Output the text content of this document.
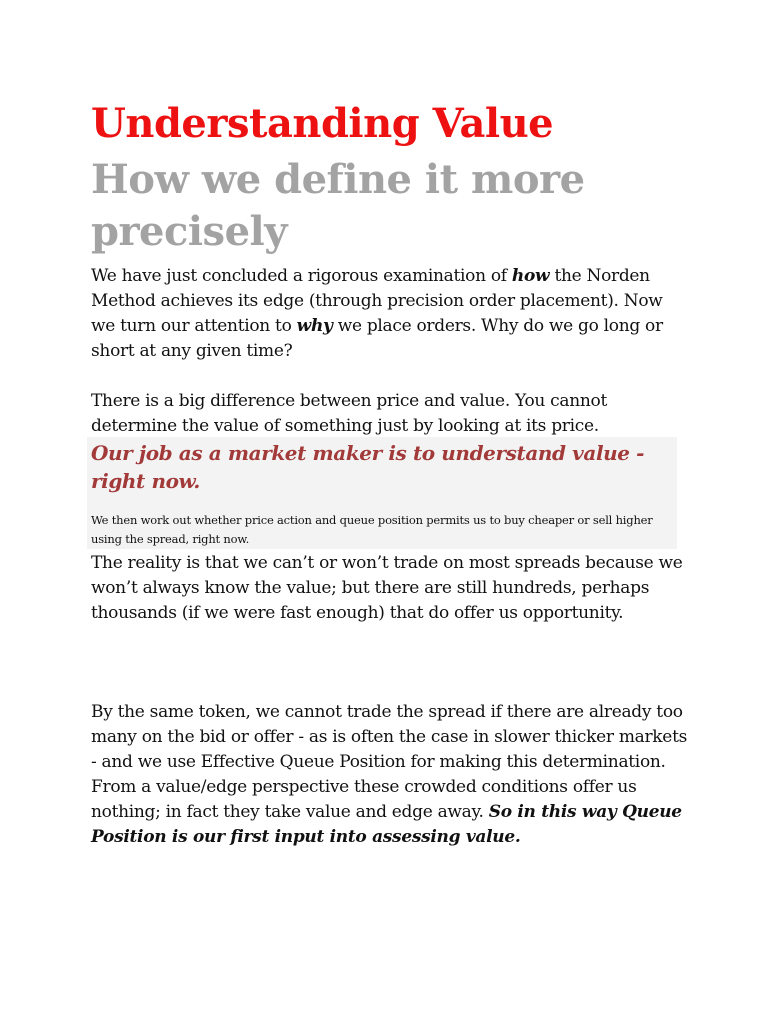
Understanding Value
How we define it more precisely

We have just concluded a rigorous examination of how the Norden Method achieves its edge (through precision order placement). Now we turn our attention to why we place orders. Why do we go long or short at any given time?

There is a big difference between price and value. You cannot determine the value of something just by looking at its price.

Our job as a market maker is to understand value - right now.

We then work out whether price action and queue position permits us to buy cheaper or sell higher using the spread, right now.

The reality is that we can’t or won’t trade on most spreads because we won’t always know the value; but there are still hundreds, perhaps thousands (if we were fast enough) that do offer us opportunity.

By the same token, we cannot trade the spread if there are already too many on the bid or offer - as is often the case in slower thicker markets - and we use Effective Queue Position for making this determination. From a value/edge perspective these crowded conditions offer us nothing; in fact they take value and edge away. So in this way Queue Position is our first input into assessing value.
